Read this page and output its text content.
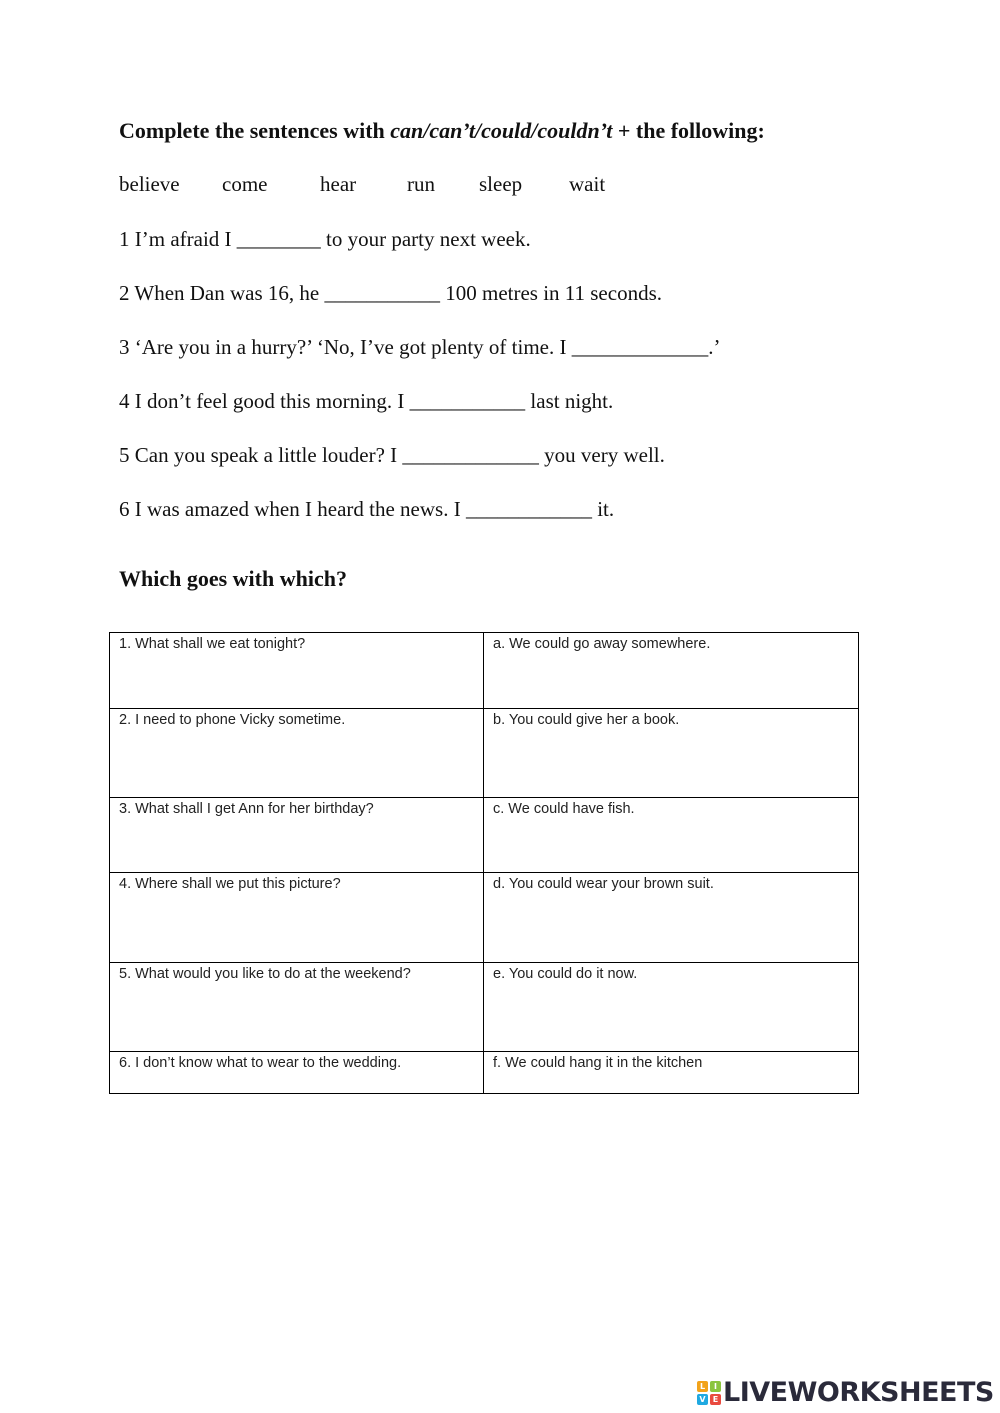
Complete the sentences with can/can’t/could/couldn’t + the following:
believe come	hear run sleep wait
1 I’m afraid I ________ to your party next week.
2 When Dan was 16, he ___________ 100 metres in 11 seconds.
3 ‘Are you in a hurry?’ ‘No, I’ve got plenty of time. I _____________.’
4 I don’t feel good this morning. I ___________ last night.
5 Can you speak a little louder? I _____________ you very well.
6 I was amazed when I heard the news. I ____________ it.
Which goes with which?
1. What shall we eat tonight?	a. We could go away somewhere.
2. I need to phone Vicky sometime.	b. You could give her a book.
3. What shall I get Ann for her birthday?	c. We could have fish.
4. Where shall we put this picture?	d. You could wear your brown suit.
5. What would you like to do at the weekend?	e. You could do it now.
6. I don’t know what to wear to the wedding.	f. We could hang it in the kitchen
L	I
V E LIVEWORKSHEETS
